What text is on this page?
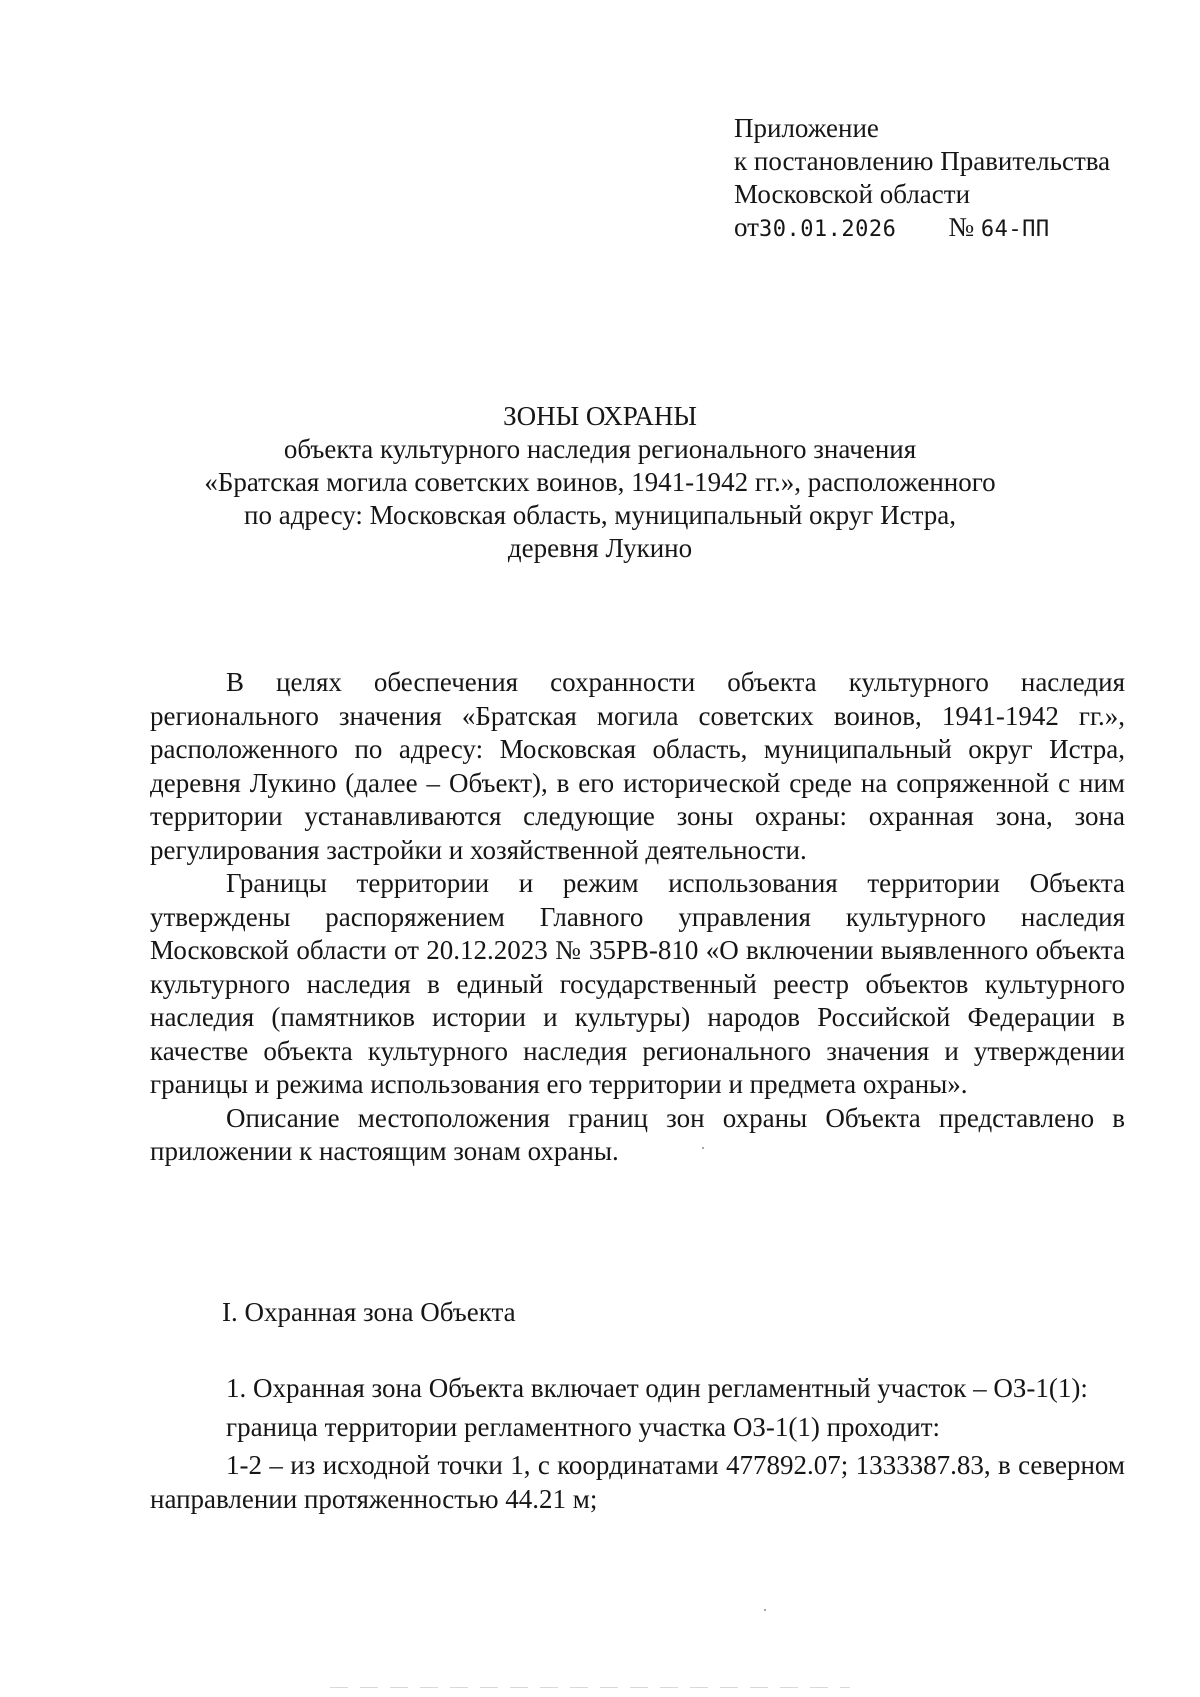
Приложение
к постановлению Правительства
Московской области
от30.01.2026 № 64-ПП
ЗОНЫ ОХРАНЫ
объекта культурного наследия регионального значения
«Братская могила советских воинов, 1941-1942 гг.», расположенного
по адресу: Московская область, муниципальный округ Истра,
деревня Лукино

В целях обеспечения сохранности объекта культурного наследия регионального значения «Братская могила советских воинов, 1941-1942 гг.», расположенного по адресу: Московская область, муниципальный округ Истра, деревня Лукино (далее – Объект), в его исторической среде на сопряженной с ним территории устанавливаются следующие зоны охраны: охранная зона, зона регулирования застройки и хозяйственной деятельности.

Границы территории и режим использования территории Объекта утверждены распоряжением Главного управления культурного наследия Московской области от 20.12.2023 № 35РВ-810 «О включении выявленного объекта культурного наследия в единый государственный реестр объектов культурного наследия (памятников истории и культуры) народов Российской Федерации в качестве объекта культурного наследия регионального значения и утверждении границы и режима использования его территории и предмета охраны».

Описание местоположения границ зон охраны Объекта представлено в приложении к настоящим зонам охраны.

I. Охранная зона Объекта

1. Охранная зона Объекта включает один регламентный участок – ОЗ-1(1):

граница территории регламентного участка ОЗ-1(1) проходит:

1-2 – из исходной точки 1, с координатами 477892.07; 1333387.83, в северном направлении протяженностью 44.21 м;
